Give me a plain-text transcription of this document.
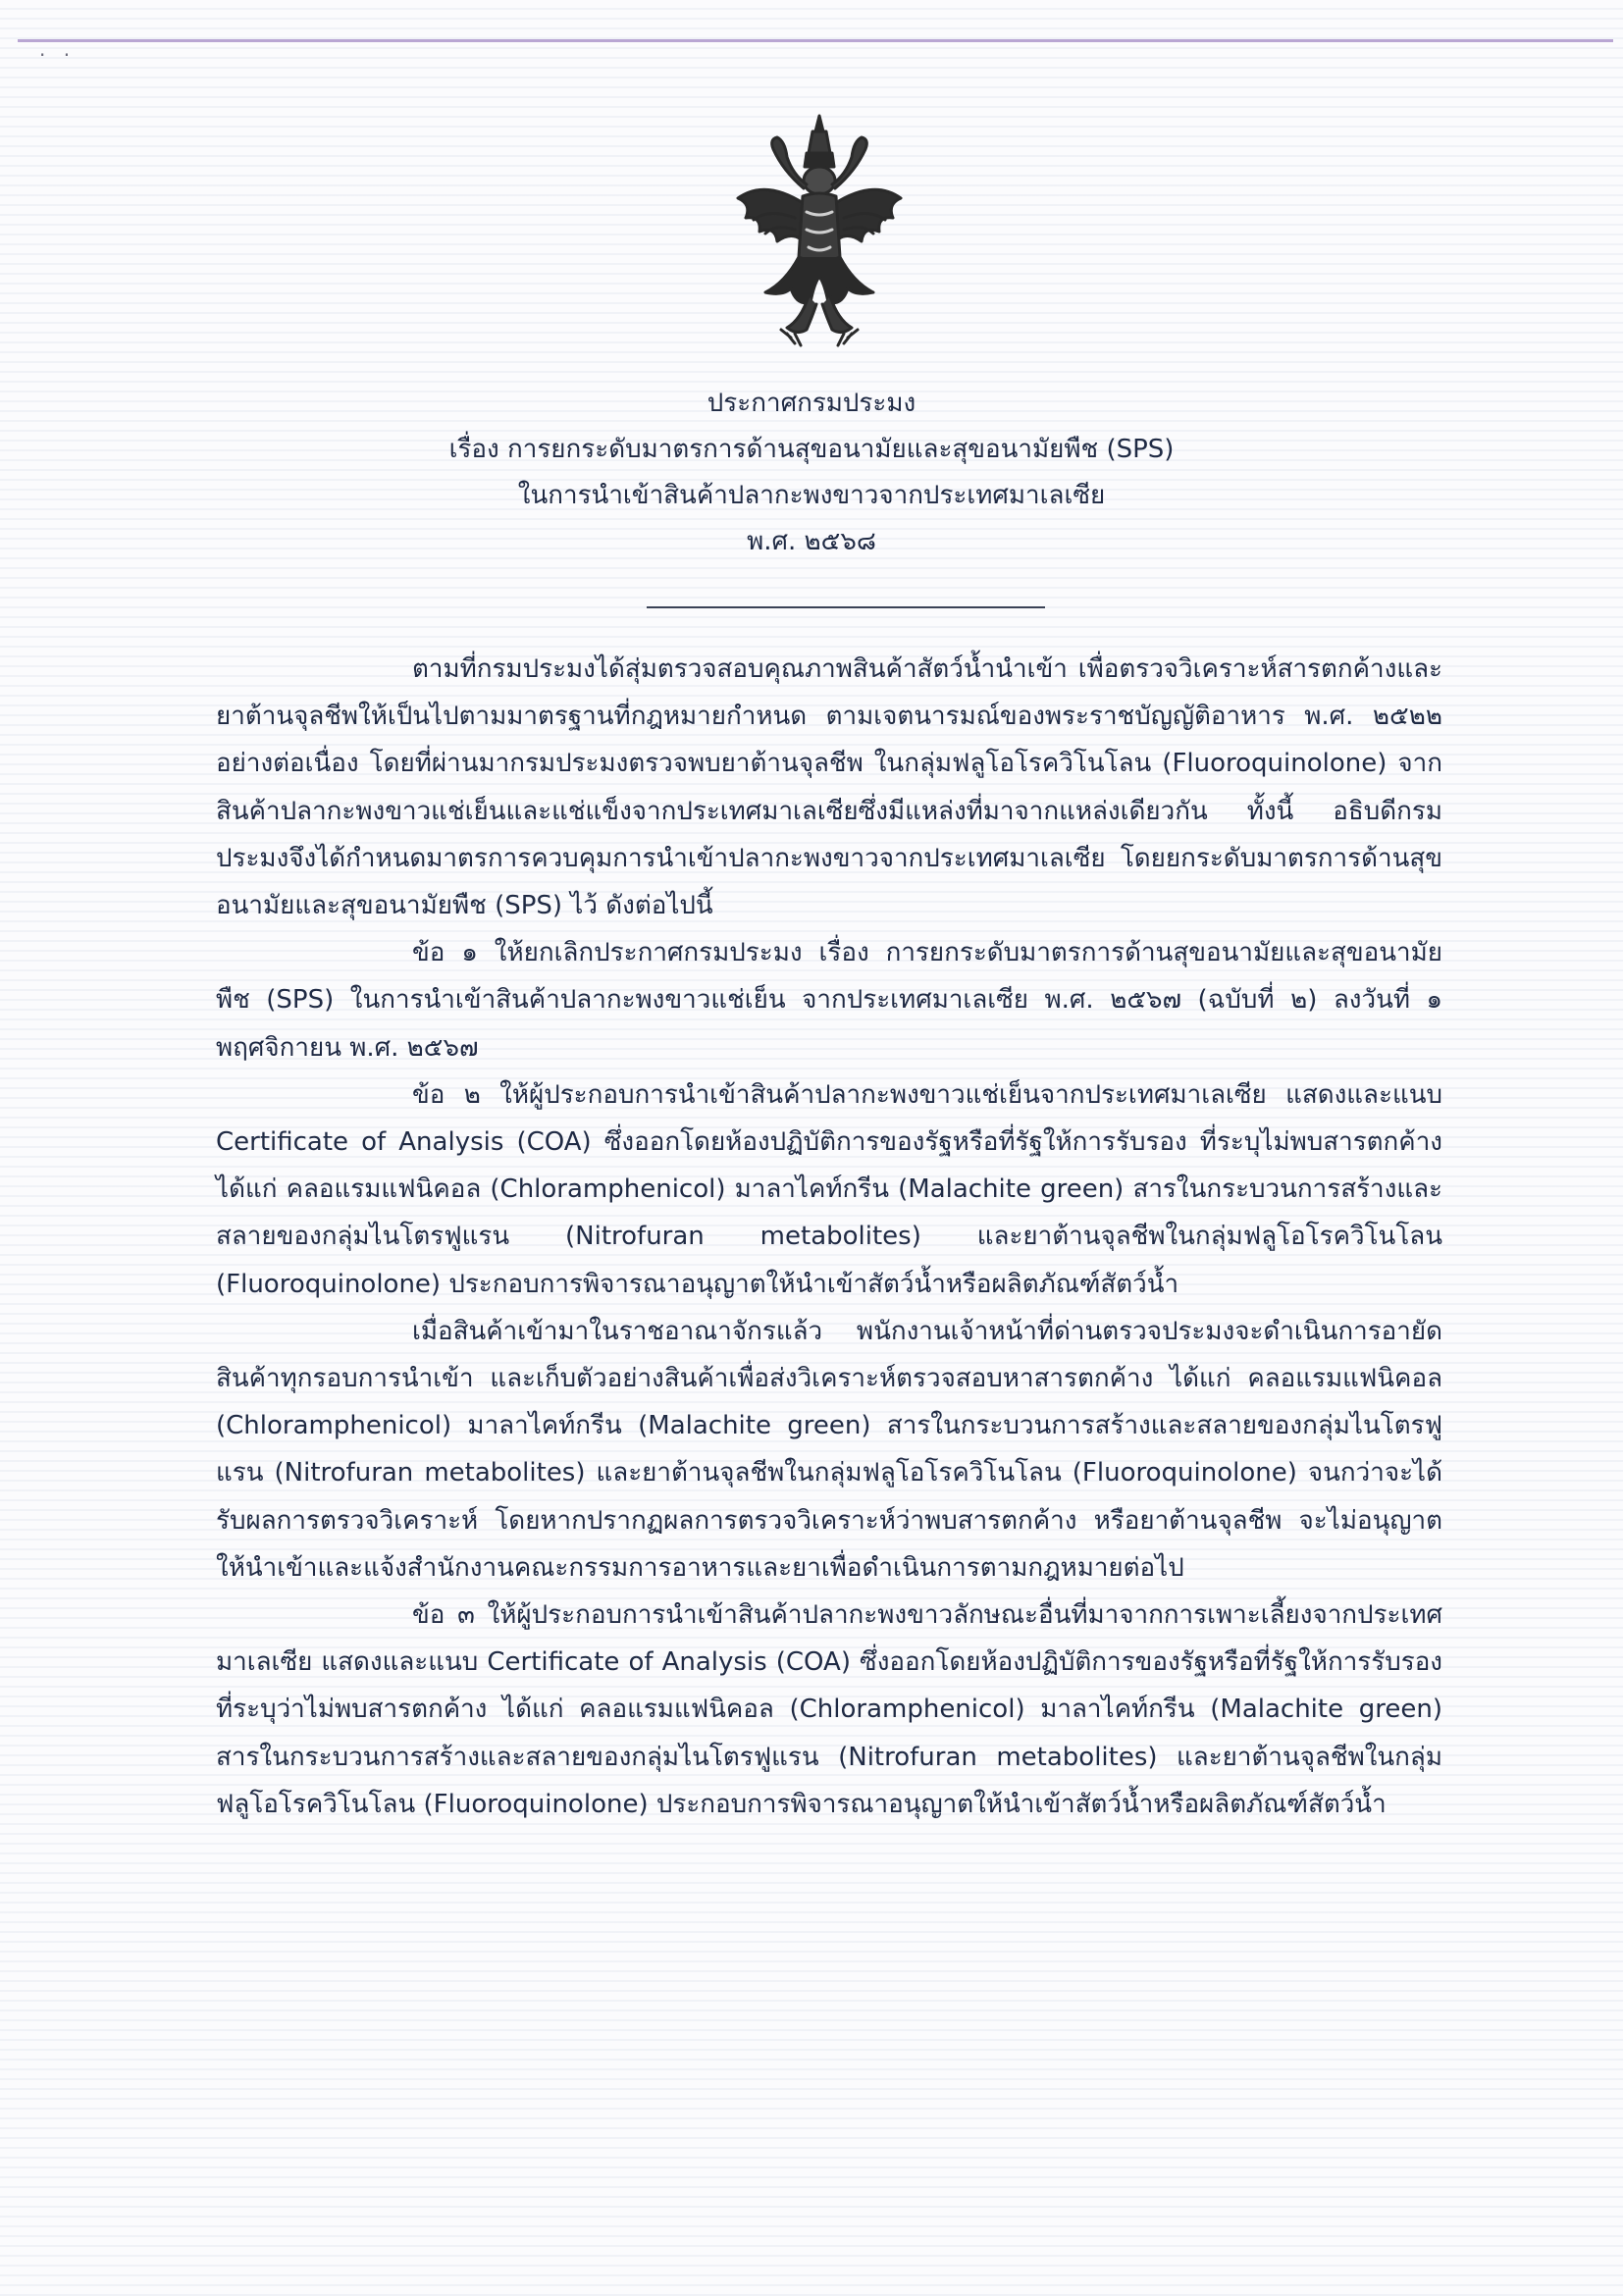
· ·
ประกาศกรมประมง
เรื่อง การยกระดับมาตรการด้านสุขอนามัยและสุขอนามัยพืช (SPS)
ในการนำเข้าสินค้าปลากะพงขาวจากประเทศมาเลเซีย
พ.ศ. ๒๕๖๘

ตามที่กรมประมงได้สุ่มตรวจสอบคุณภาพสินค้าสัตว์น้ำนำเข้า เพื่อตรวจวิเคราะห์สารตกค้างและยาต้านจุลชีพให้เป็นไปตามมาตรฐานที่กฎหมายกำหนด ตามเจตนารมณ์ของพระราชบัญญัติอาหาร พ.ศ. ๒๕๒๒ อย่างต่อเนื่อง โดยที่ผ่านมากรมประมงตรวจพบยาต้านจุลชีพ ในกลุ่มฟลูโอโรควิโนโลน (Fluoroquinolone) จากสินค้าปลากะพงขาวแช่เย็นและแช่แข็งจากประเทศมาเลเซียซึ่งมีแหล่งที่มาจากแหล่งเดียวกัน ทั้งนี้ อธิบดีกรมประมงจึงได้กำหนดมาตรการควบคุมการนำเข้าปลากะพงขาวจากประเทศมาเลเซีย โดยยกระดับมาตรการด้านสุขอนามัยและสุขอนามัยพืช (SPS) ไว้ ดังต่อไปนี้

ข้อ ๑ ให้ยกเลิกประกาศกรมประมง เรื่อง การยกระดับมาตรการด้านสุขอนามัยและสุขอนามัยพืช (SPS) ในการนำเข้าสินค้าปลากะพงขาวแช่เย็น จากประเทศมาเลเซีย พ.ศ. ๒๕๖๗ (ฉบับที่ ๒) ลงวันที่ ๑ พฤศจิกายน พ.ศ. ๒๕๖๗

ข้อ ๒ ให้ผู้ประกอบการนำเข้าสินค้าปลากะพงขาวแช่เย็นจากประเทศมาเลเซีย แสดงและแนบ Certificate of Analysis (COA) ซึ่งออกโดยห้องปฏิบัติการของรัฐหรือที่รัฐให้การรับรอง ที่ระบุไม่พบสารตกค้าง ได้แก่ คลอแรมแฟนิคอล (Chloramphenicol) มาลาไคท์กรีน (Malachite green) สารในกระบวนการสร้างและสลายของกลุ่มไนโตรฟูแรน (Nitrofuran metabolites) และยาต้านจุลชีพในกลุ่มฟลูโอโรควิโนโลน (Fluoroquinolone) ประกอบการพิจารณาอนุญาตให้นำเข้าสัตว์น้ำหรือผลิตภัณฑ์สัตว์น้ำ

เมื่อสินค้าเข้ามาในราชอาณาจักรแล้ว พนักงานเจ้าหน้าที่ด่านตรวจประมงจะดำเนินการอายัดสินค้าทุกรอบการนำเข้า และเก็บตัวอย่างสินค้าเพื่อส่งวิเคราะห์ตรวจสอบหาสารตกค้าง ได้แก่ คลอแรมแฟนิคอล (Chloramphenicol) มาลาไคท์กรีน (Malachite green) สารในกระบวนการสร้างและสลายของกลุ่มไนโตรฟูแรน (Nitrofuran metabolites) และยาต้านจุลชีพในกลุ่มฟลูโอโรควิโนโลน (Fluoroquinolone) จนกว่าจะได้รับผลการตรวจวิเคราะห์ โดยหากปรากฏผลการตรวจวิเคราะห์ว่าพบสารตกค้าง หรือยาต้านจุลชีพ จะไม่อนุญาตให้นำเข้าและแจ้งสำนักงานคณะกรรมการอาหารและยาเพื่อดำเนินการตามกฎหมายต่อไป

ข้อ ๓ ให้ผู้ประกอบการนำเข้าสินค้าปลากะพงขาวลักษณะอื่นที่มาจากการเพาะเลี้ยงจากประเทศมาเลเซีย แสดงและแนบ Certificate of Analysis (COA) ซึ่งออกโดยห้องปฏิบัติการของรัฐหรือที่รัฐให้การรับรอง ที่ระบุว่าไม่พบสารตกค้าง ได้แก่ คลอแรมแฟนิคอล (Chloramphenicol) มาลาไคท์กรีน (Malachite green) สารในกระบวนการสร้างและสลายของกลุ่มไนโตรฟูแรน (Nitrofuran metabolites) และยาต้านจุลชีพในกลุ่มฟลูโอโรควิโนโลน (Fluoroquinolone) ประกอบการพิจารณาอนุญาตให้นำเข้าสัตว์น้ำหรือผลิตภัณฑ์สัตว์น้ำ
